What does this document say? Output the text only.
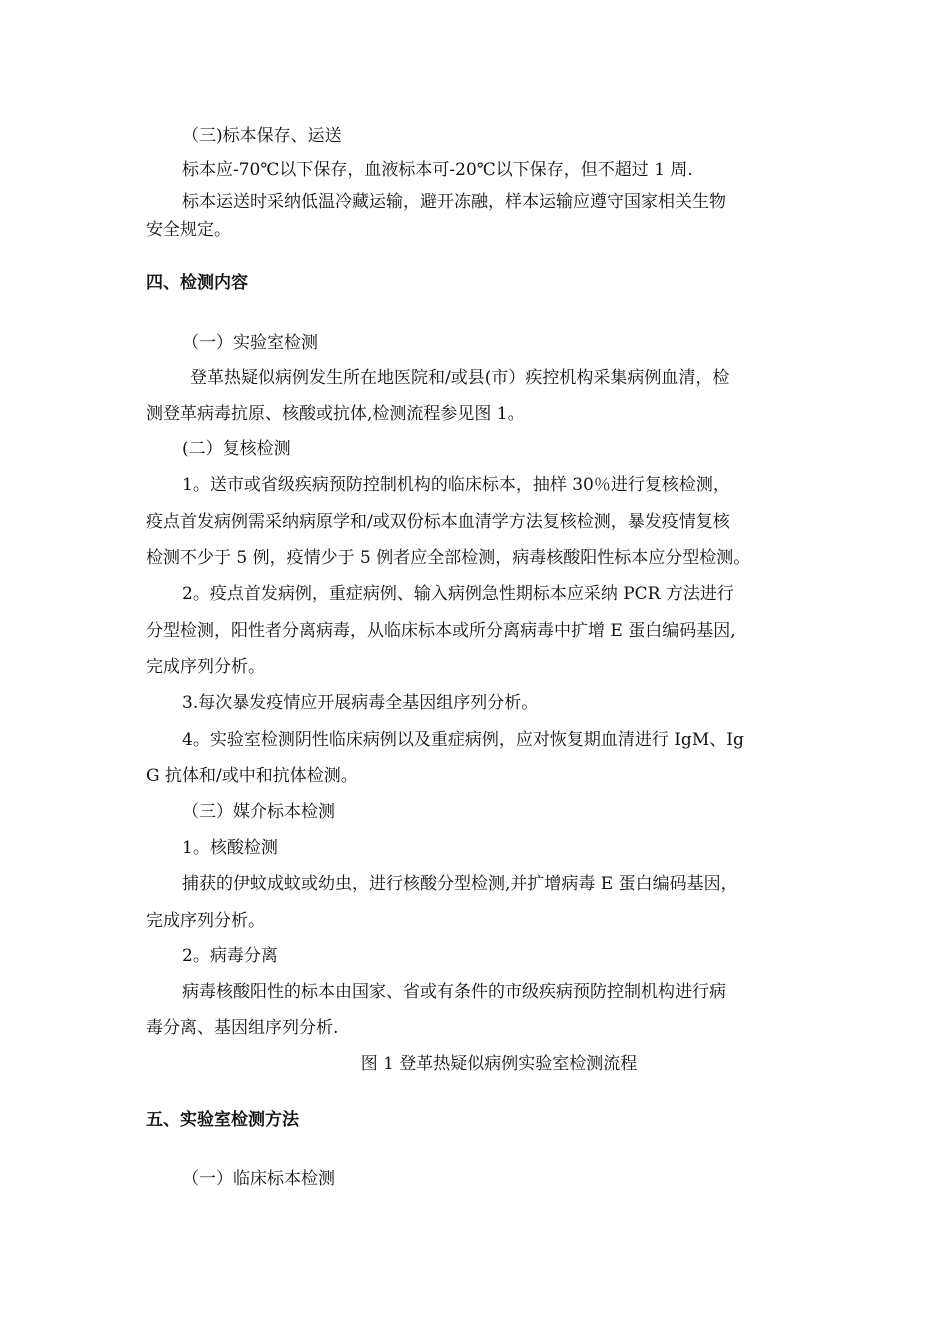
（三)标本保存、运送
标本应-70℃以下保存，血液标本可-20℃以下保存，但不超过 1 周.
标本运送时采纳低温冷藏运输，避开冻融，样本运输应遵守国家相关生物
安全规定。
四、检测内容
（一）实验室检测
登革热疑似病例发生所在地医院和/或县(市）疾控机构采集病例血清，检
测登革病毒抗原、核酸或抗体,检测流程参见图 1。
(二）复核检测
1。送市或省级疾病预防控制机构的临床标本，抽样 30％进行复核检测，
疫点首发病例需采纳病原学和/或双份标本血清学方法复核检测，暴发疫情复核
检测不少于 5 例，疫情少于 5 例者应全部检测，病毒核酸阳性标本应分型检测。
2。疫点首发病例，重症病例、输入病例急性期标本应采纳 PCR 方法进行
分型检测，阳性者分离病毒，从临床标本或所分离病毒中扩增 E 蛋白编码基因,
完成序列分析。
3.每次暴发疫情应开展病毒全基因组序列分析。
4。实验室检测阴性临床病例以及重症病例，应对恢复期血清进行 IgM、Ig
G 抗体和/或中和抗体检测。
（三）媒介标本检测
1。核酸检测
捕获的伊蚊成蚊或幼虫，进行核酸分型检测,并扩增病毒 E 蛋白编码基因，
完成序列分析。
2。病毒分离
病毒核酸阳性的标本由国家、省或有条件的市级疾病预防控制机构进行病
毒分离、基因组序列分析.
图 1 登革热疑似病例实验室检测流程
五、实验室检测方法
（一）临床标本检测
